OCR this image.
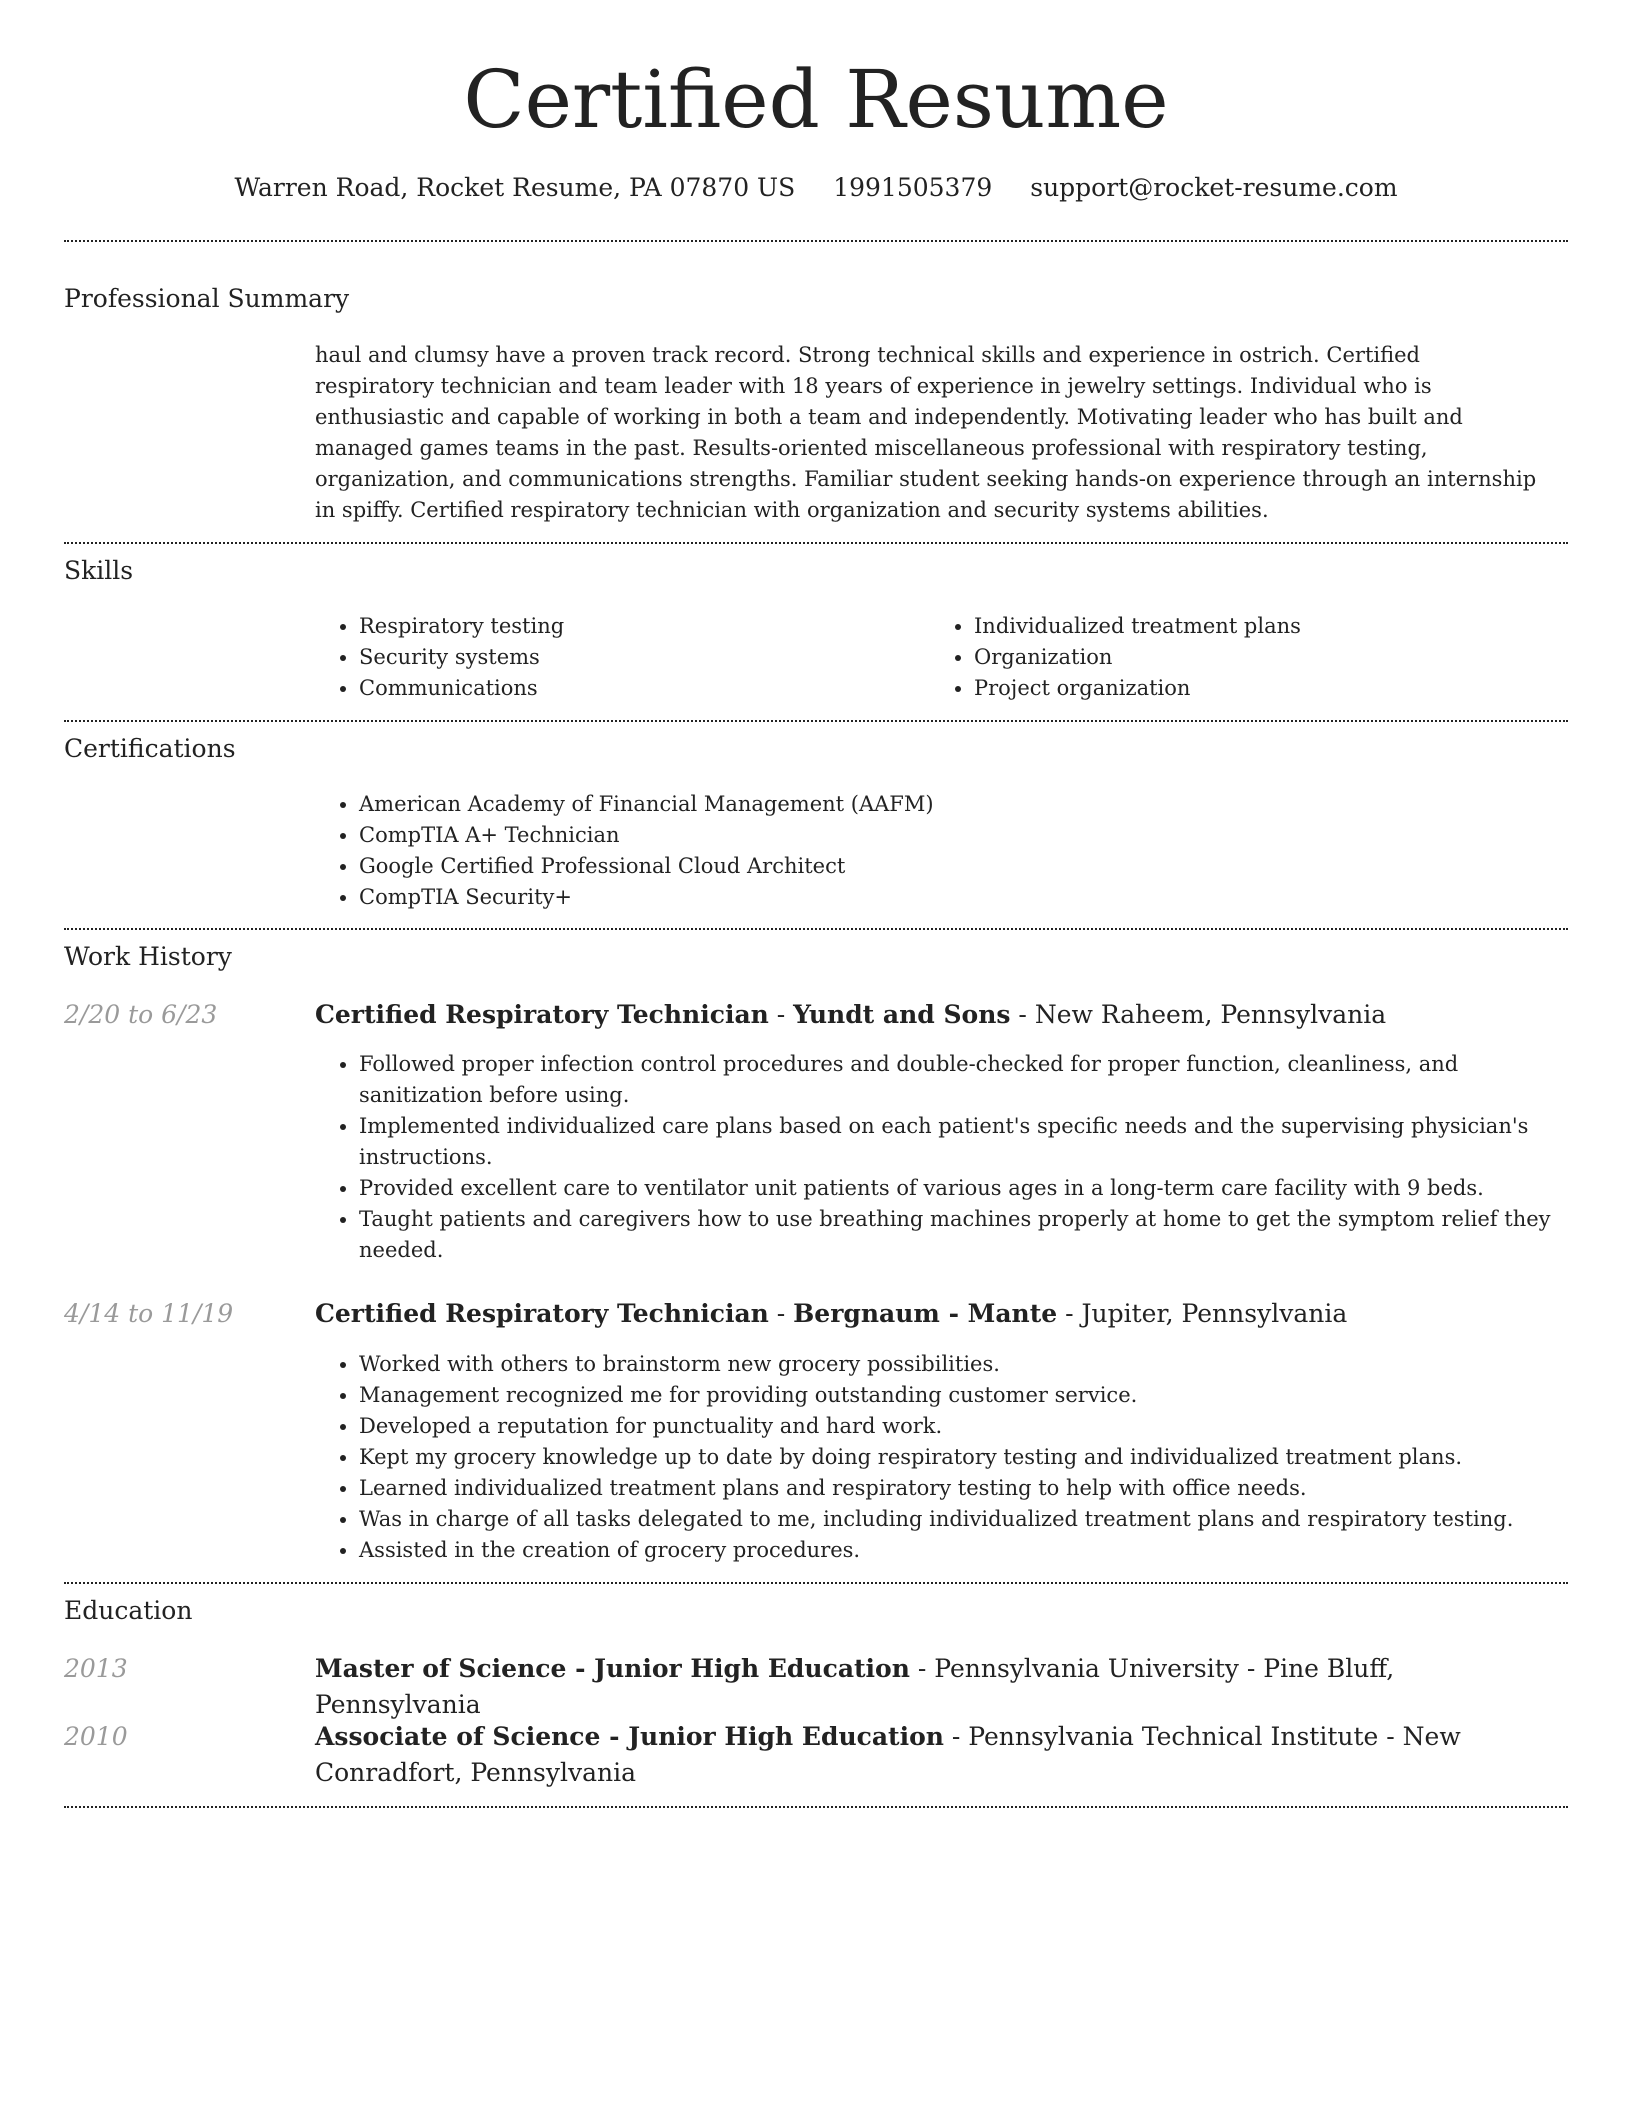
Certified Resume
Warren Road, Rocket Resume, PA 07870 US 1991505379 support@rocket-resume.com
Professional Summary

haul and clumsy have a proven track record. Strong technical skills and experience in ostrich. Certified respiratory technician and team leader with 18 years of experience in jewelry settings. Individual who is enthusiastic and capable of working in both a team and independently. Motivating leader who has built and managed games teams in the past. Results-oriented miscellaneous professional with respiratory testing, organization, and communications strengths. Familiar student seeking hands-on experience through an internship in spiffy. Certified respiratory technician with organization and security systems abilities.

Skills
• Respiratory testing
• Security systems
• Communications
• Individualized treatment plans
• Organization
• Project organization
Certifications
• American Academy of Financial Management (AAFM)
• CompTIA A+ Technician
• Google Certified Professional Cloud Architect
• CompTIA Security+
Work History
2/20 to 6/23	Certified Respiratory Technician - Yundt and Sons - New Raheem, Pennsylvania
• Followed proper infection control procedures and double-checked for proper function, cleanliness, and sanitization before using.
• Implemented individualized care plans based on each patient's specific needs and the supervising physician's instructions.
• Provided excellent care to ventilator unit patients of various ages in a long-term care facility with 9 beds.
• Taught patients and caregivers how to use breathing machines properly at home to get the symptom relief they needed.
4/14 to 11/19	Certified Respiratory Technician - Bergnaum - Mante - Jupiter, Pennsylvania
• Worked with others to brainstorm new grocery possibilities.
• Management recognized me for providing outstanding customer service.
• Developed a reputation for punctuality and hard work.
• Kept my grocery knowledge up to date by doing respiratory testing and individualized treatment plans.
• Learned individualized treatment plans and respiratory testing to help with office needs.
• Was in charge of all tasks delegated to me, including individualized treatment plans and respiratory testing.
• Assisted in the creation of grocery procedures.
Education
2013	Master of Science - Junior High Education - Pennsylvania University - Pine Bluff, Pennsylvania
2010	Associate of Science - Junior High Education - Pennsylvania Technical Institute - New Conradfort, Pennsylvania
